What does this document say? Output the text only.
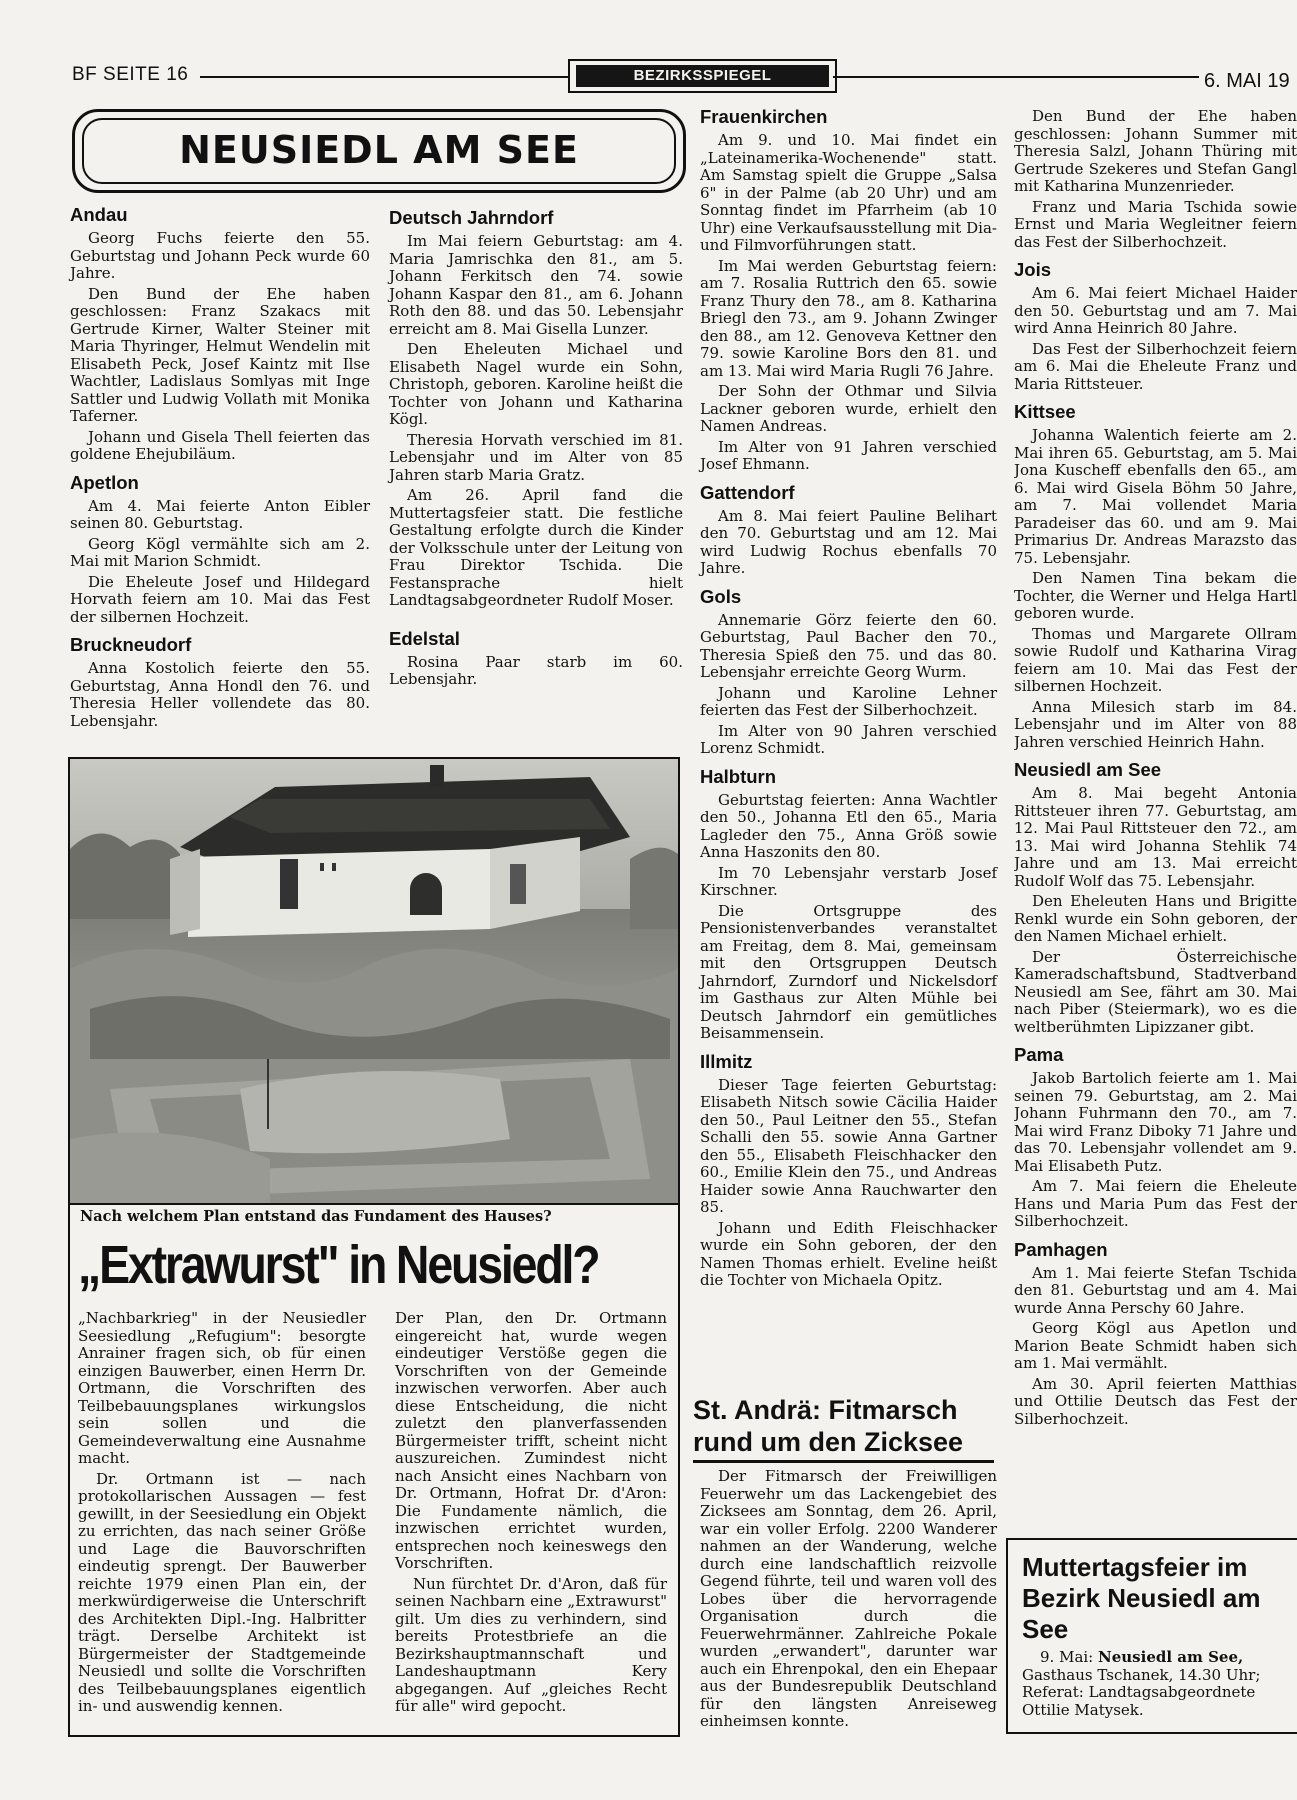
BF SEITE 16	BEZIRKSSPIEGEL	6. MAI 19
NEUSIEDL AM SEE
Andau

Georg Fuchs feierte den 55. Geburtstag und Johann Peck wurde 60 Jahre.

Den Bund der Ehe haben geschlossen: Franz Szakacs mit Gertrude Kirner, Walter Steiner mit Maria Thyringer, Helmut Wendelin mit Elisabeth Peck, Josef Kaintz mit Ilse Wachtler, Ladislaus Somlyas mit Inge Sattler und Ludwig Vollath mit Monika Taferner.

Johann und Gisela Thell feierten das goldene Ehejubiläum.

Apetlon

Am 4. Mai feierte Anton Eibler seinen 80. Geburtstag.

Georg Kögl vermählte sich am 2. Mai mit Marion Schmidt.

Die Eheleute Josef und Hildegard Horvath feiern am 10. Mai das Fest der silbernen Hochzeit.

Bruckneudorf

Anna Kostolich feierte den 55. Geburtstag, Anna Hondl den 76. und Theresia Heller vollendete das 80. Lebensjahr.

Deutsch Jahrndorf

Im Mai feiern Geburtstag: am 4. Maria Jamrischka den 81., am 5. Johann Ferkitsch den 74. sowie Johann Kaspar den 81., am 6. Johann Roth den 88. und das 50. Lebensjahr erreicht am 8. Mai Gisella Lunzer.

Den Eheleuten Michael und Elisabeth Nagel wurde ein Sohn, Christoph, geboren. Karoline heißt die Tochter von Johann und Katharina Kögl.

Theresia Horvath verschied im 81. Lebensjahr und im Alter von 85 Jahren starb Maria Gratz.

Am 26. April fand die Muttertagsfeier statt. Die festliche Gestaltung erfolgte durch die Kinder der Volksschule unter der Leitung von Frau Direktor Tschida. Die Festansprache hielt Landtagsabgeordneter Rudolf Moser.

Edelstal

Rosina Paar starb im 60. Lebensjahr.

Frauenkirchen

Am 9. und 10. Mai findet ein „Lateinamerika-Wochenende" statt. Am Samstag spielt die Gruppe „Salsa 6" in der Palme (ab 20 Uhr) und am Sonntag findet im Pfarrheim (ab 10 Uhr) eine Verkaufsausstellung mit Dia- und Filmvorführungen statt.

Im Mai werden Geburtstag feiern: am 7. Rosalia Ruttrich den 65. sowie Franz Thury den 78., am 8. Katharina Briegl den 73., am 9. Johann Zwinger den 88., am 12. Genoveva Kettner den 79. sowie Karoline Bors den 81. und am 13. Mai wird Maria Rugli 76 Jahre.

Der Sohn der Othmar und Silvia Lackner geboren wurde, erhielt den Namen Andreas.

Im Alter von 91 Jahren verschied Josef Ehmann.

Gattendorf

Am 8. Mai feiert Pauline Belihart den 70. Geburtstag und am 12. Mai wird Ludwig Rochus ebenfalls 70 Jahre.

Gols

Annemarie Görz feierte den 60. Geburtstag, Paul Bacher den 70., Theresia Spieß den 75. und das 80. Lebensjahr erreichte Georg Wurm.

Johann und Karoline Lehner feierten das Fest der Silberhochzeit.

Im Alter von 90 Jahren verschied Lorenz Schmidt.

Halbturn

Geburtstag feierten: Anna Wachtler den 50., Johanna Etl den 65., Maria Lagleder den 75., Anna Größ sowie Anna Haszonits den 80.

Im 70 Lebensjahr verstarb Josef Kirschner.

Die Ortsgruppe des Pensionistenverbandes veranstaltet am Freitag, dem 8. Mai, gemeinsam mit den Ortsgruppen Deutsch Jahrndorf, Zurndorf und Nickelsdorf im Gasthaus zur Alten Mühle bei Deutsch Jahrndorf ein gemütliches Beisammensein.

Illmitz

Dieser Tage feierten Geburtstag: Elisabeth Nitsch sowie Cäcilia Haider den 50., Paul Leitner den 55., Stefan Schalli den 55. sowie Anna Gartner den 55., Elisabeth Fleischhacker den 60., Emilie Klein den 75., und Andreas Haider sowie Anna Rauchwarter den 85.

Johann und Edith Fleischhacker wurde ein Sohn geboren, der den Namen Thomas erhielt. Eveline heißt die Tochter von Michaela Opitz.

Den Bund der Ehe haben geschlossen: Johann Summer mit Theresia Salzl, Johann Thüring mit Gertrude Szekeres und Stefan Gangl mit Katharina Munzenrieder.

Franz und Maria Tschida sowie Ernst und Maria Wegleitner feiern das Fest der Silberhochzeit.

Jois

Am 6. Mai feiert Michael Haider den 50. Geburtstag und am 7. Mai wird Anna Heinrich 80 Jahre.

Das Fest der Silberhochzeit feiern am 6. Mai die Eheleute Franz und Maria Rittsteuer.

Kittsee

Johanna Walentich feierte am 2. Mai ihren 65. Geburtstag, am 5. Mai Jona Kuscheff ebenfalls den 65., am 6. Mai wird Gisela Böhm 50 Jahre, am 7. Mai vollendet Maria Paradeiser das 60. und am 9. Mai Primarius Dr. Andreas Marazsto das 75. Lebensjahr.

Den Namen Tina bekam die Tochter, die Werner und Helga Hartl geboren wurde.

Thomas und Margarete Ollram sowie Rudolf und Katharina Virag feiern am 10. Mai das Fest der silbernen Hochzeit.

Anna Milesich starb im 84. Lebensjahr und im Alter von 88 Jahren verschied Heinrich Hahn.

Neusiedl am See

Am 8. Mai begeht Antonia Rittsteuer ihren 77. Geburtstag, am 12. Mai Paul Rittsteuer den 72., am 13. Mai wird Johanna Stehlik 74 Jahre und am 13. Mai erreicht Rudolf Wolf das 75. Lebensjahr.

Den Eheleuten Hans und Brigitte Renkl wurde ein Sohn geboren, der den Namen Michael erhielt.

Der Österreichische Kameradschaftsbund, Stadtverband Neusiedl am See, fährt am 30. Mai nach Piber (Steiermark), wo es die weltberühmten Lipizzaner gibt.

Pama

Jakob Bartolich feierte am 1. Mai seinen 79. Geburtstag, am 2. Mai Johann Fuhrmann den 70., am 7. Mai wird Franz Diboky 71 Jahre und das 70. Lebensjahr vollendet am 9. Mai Elisabeth Putz.

Am 7. Mai feiern die Eheleute Hans und Maria Pum das Fest der Silberhochzeit.

Pamhagen

Am 1. Mai feierte Stefan Tschida den 81. Geburtstag und am 4. Mai wurde Anna Perschy 60 Jahre.

Georg Kögl aus Apetlon und Marion Beate Schmidt haben sich am 1. Mai vermählt.

Am 30. April feierten Matthias und Ottilie Deutsch das Fest der Silberhochzeit.

Nach welchem Plan entstand das Fundament des Hauses?
„Extrawurst" in Neusiedl?

„Nachbarkrieg" in der Neusiedler Seesiedlung „Refugium": besorgte Anrainer fragen sich, ob für einen einzigen Bauwerber, einen Herrn Dr. Ortmann, die Vorschriften des Teilbebauungsplanes wirkungslos sein sollen und die Gemeindeverwaltung eine Ausnahme macht.

Dr. Ortmann ist — nach protokollarischen Aussagen — fest gewillt, in der Seesiedlung ein Objekt zu errichten, das nach seiner Größe und Lage die Bauvorschriften eindeutig sprengt. Der Bauwerber reichte 1979 einen Plan ein, der merkwürdigerweise die Unterschrift des Architekten Dipl.-Ing. Halbritter trägt. Derselbe Architekt ist Bürgermeister der Stadtgemeinde Neusiedl und sollte die Vorschriften des Teilbebauungsplanes eigentlich in- und auswendig kennen.

Der Plan, den Dr. Ortmann eingereicht hat, wurde wegen eindeutiger Verstöße gegen die Vorschriften von der Gemeinde inzwischen verworfen. Aber auch diese Entscheidung, die nicht zuletzt den planverfassenden Bürgermeister trifft, scheint nicht auszureichen. Zumindest nicht nach Ansicht eines Nachbarn von Dr. Ortmann, Hofrat Dr. d'Aron: Die Fundamente nämlich, die inzwischen errichtet wurden, entsprechen noch keineswegs den Vorschriften.

Nun fürchtet Dr. d'Aron, daß für seinen Nachbarn eine „Extrawurst" gilt. Um dies zu verhindern, sind bereits Protestbriefe an die Bezirkshauptmannschaft und Landeshauptmann Kery abgegangen. Auf „gleiches Recht für alle" wird gepocht.

St. Andrä: Fitmarsch rund um den Zicksee

Der Fitmarsch der Freiwilligen Feuerwehr um das Lackengebiet des Zicksees am Sonntag, dem 26. April, war ein voller Erfolg. 2200 Wanderer nahmen an der Wanderung, welche durch eine landschaftlich reizvolle Gegend führte, teil und waren voll des Lobes über die hervorragende Organisation durch die Feuerwehrmänner. Zahlreiche Pokale wurden „erwandert", darunter war auch ein Ehrenpokal, den ein Ehepaar aus der Bundesrepublik Deutschland für den längsten Anreiseweg einheimsen konnte.

Muttertagsfeier im Bezirk Neusiedl am See

9. Mai: Neusiedl am See, Gasthaus Tschanek, 14.30 Uhr; Referat: Landtagsabgeordnete Ottilie Matysek.
